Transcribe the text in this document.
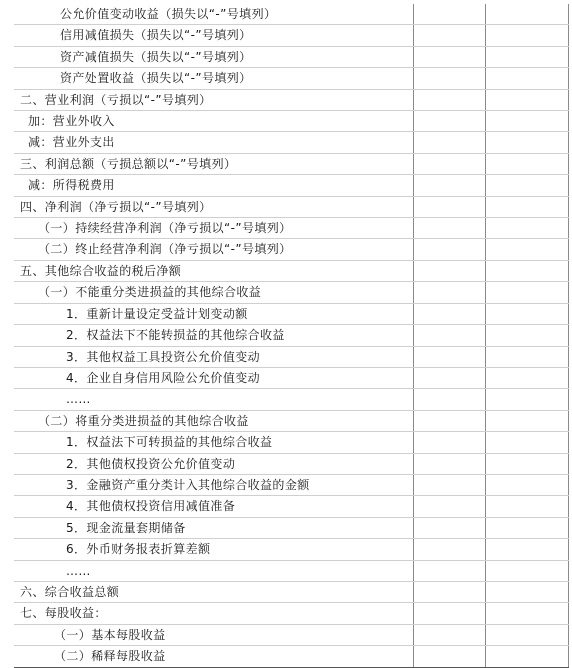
公允价值变动收益（损失以“-”号填列）		
信用减值损失（损失以“-”号填列）		
资产减值损失（损失以“-”号填列）		
资产处置收益（损失以“-”号填列）		
二、营业利润（亏损以“-”号填列）		
加：营业外收入		
减：营业外支出		
三、利润总额（亏损总额以“-”号填列）		
减：所得税费用		
四、净利润（净亏损以“-”号填列）		
（一）持续经营净利润（净亏损以“-”号填列）		
（二）终止经营净利润（净亏损以“-”号填列）		
五、其他综合收益的税后净额		
（一）不能重分类进损益的其他综合收益		
1．重新计量设定受益计划变动额		
2．权益法下不能转损益的其他综合收益		
3．其他权益工具投资公允价值变动		
4．企业自身信用风险公允价值变动		
……		
（二）将重分类进损益的其他综合收益		
1．权益法下可转损益的其他综合收益		
2．其他债权投资公允价值变动		
3．金融资产重分类计入其他综合收益的金额		
4．其他债权投资信用减值准备		
5．现金流量套期储备		
6．外币财务报表折算差额		
……		
六、综合收益总额		
七、每股收益：		
（一）基本每股收益		
（二）稀释每股收益		
